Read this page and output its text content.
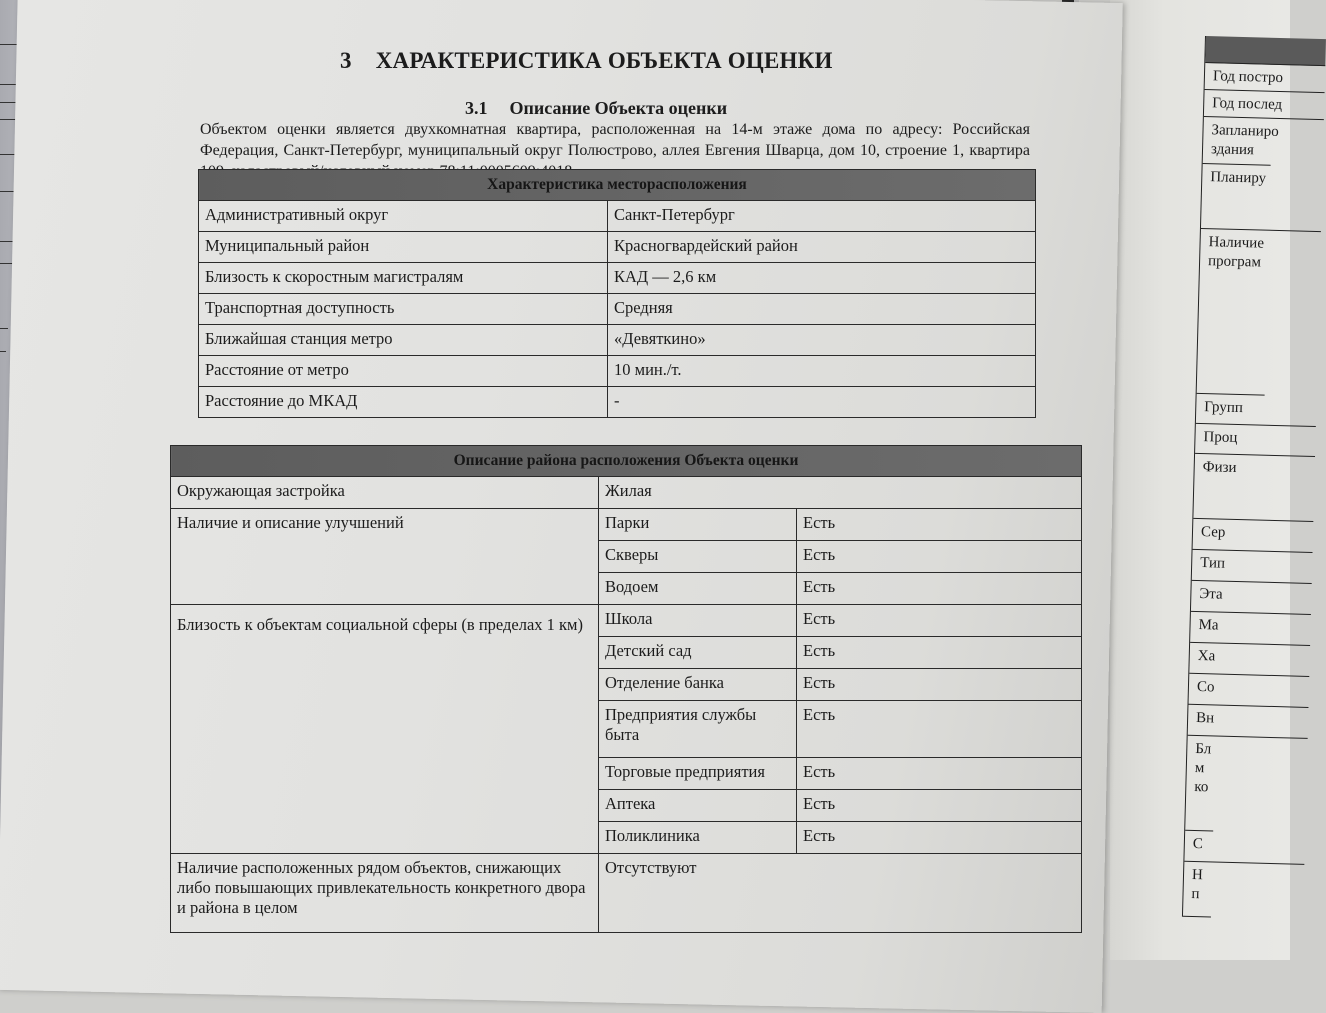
Год постро
Год послед
Запланиро здания
Планиру
Наличие програм
Групп
Проц
Физи
Сер
Тип
Эта
Ма
Ха
Со
Вн
Бл м ко
С
Н п
3 ХАРАКТЕРИСТИКА ОБЪЕКТА ОЦЕНКИ
3.1 Описание Объекта оценки
Объектом оценки является двухкомнатная квартира, расположенная на 14-м этаже дома по адресу: Российская Федерация, Санкт-Петербург, муниципальный округ Полюстрово, аллея Евгения Шварца, дом 10, строение 1, квартира
Характеристика месторасположения	
Административный округ	Санкт-Петербург
Муниципальный район	Красногвардейский район
Близость к скоростным магистралям	КАД — 2,6 км
Транспортная доступность	Средняя
Ближайшая станция метро	«Девяткино»
Расстояние от метро	10 мин./т.
Расстояние до МКАД	-
Описание района расположения Объекта оценки		
Окружающая застройка	Жилая	
Наличие и описание улучшений	Парки	Есть
	Скверы	Есть
	Водоем	Есть
Близость к объектам социальной сферы (в пределах 1 км)	Школа	Есть
	Детский сад	Есть
	Отделение банка	Есть
	Предприятия службы быта	Есть
	Торговые предприятия	Есть
	Аптека	Есть
	Поликлиника	Есть
Наличие расположенных рядом объектов, снижающих либо повышающих привлекательность конкретного двора и района в целом	Отсутствуют	
